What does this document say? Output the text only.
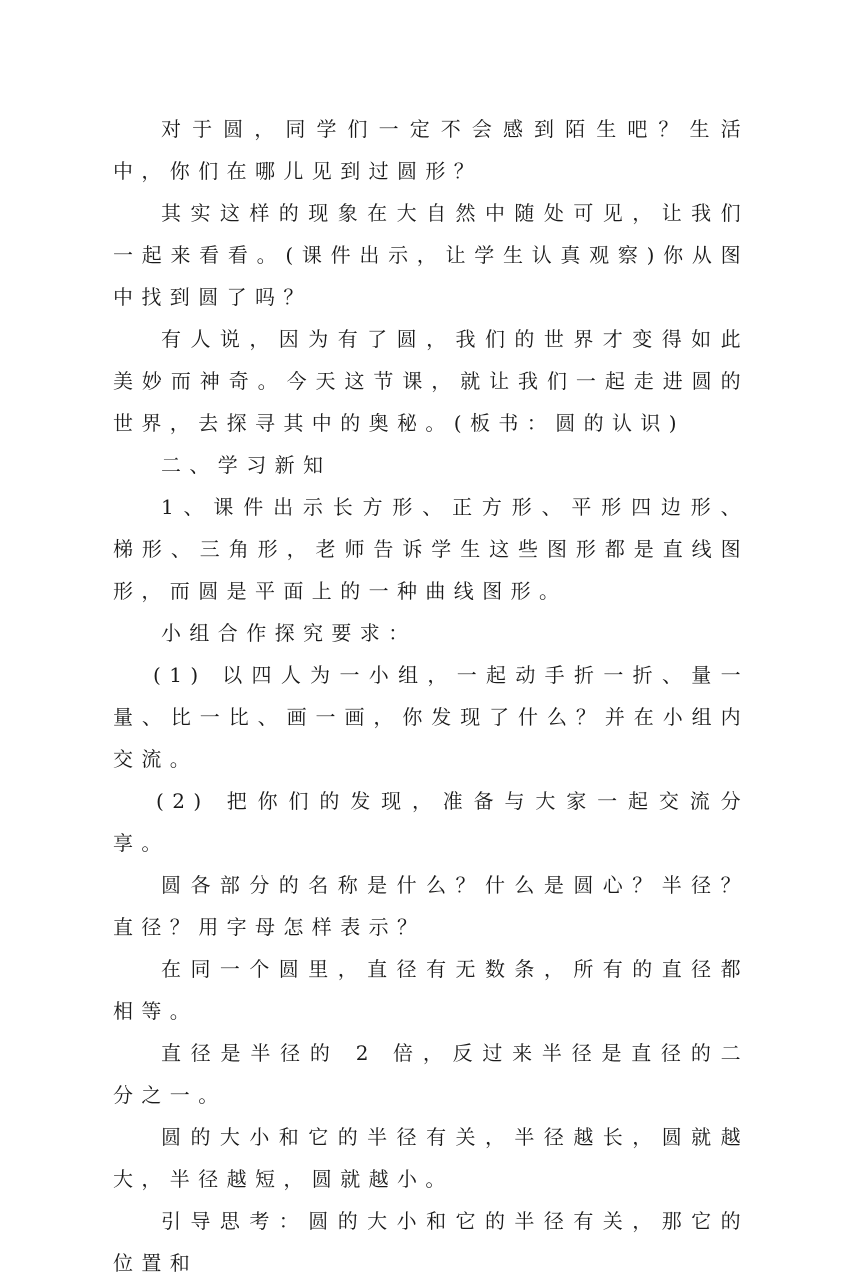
对于圆，同学们一定不会感到陌生吧？生活中，你们在哪儿见到过圆形？

其实这样的现象在大自然中随处可见，让我们一起来看看。(课件出示，让学生认真观察)你从图中找到圆了吗？

有人说，因为有了圆，我们的世界才变得如此美妙而神奇。今天这节课，就让我们一起走进圆的世界，去探寻其中的奥秘。(板书：圆的认识)

二、学习新知

1、课件出示长方形、正方形、平形四边形、梯形、三角形，老师告诉学生这些图形都是直线图形，而圆是平面上的一种曲线图形。

小组合作探究要求：

(1) 以四人为一小组，一起动手折一折、量一量、比一比、画一画，你发现了什么？并在小组内交流。

(2) 把你们的发现，准备与大家一起交流分享。

圆各部分的名称是什么？什么是圆心？半径？直径？用字母怎样表示？

在同一个圆里，直径有无数条，所有的直径都相等。

直径是半径的 2 倍，反过来半径是直径的二分之一。

圆的大小和它的半径有关，半径越长，圆就越大，半径越短，圆就越小。

引导思考：圆的大小和它的半径有关，那它的位置和
